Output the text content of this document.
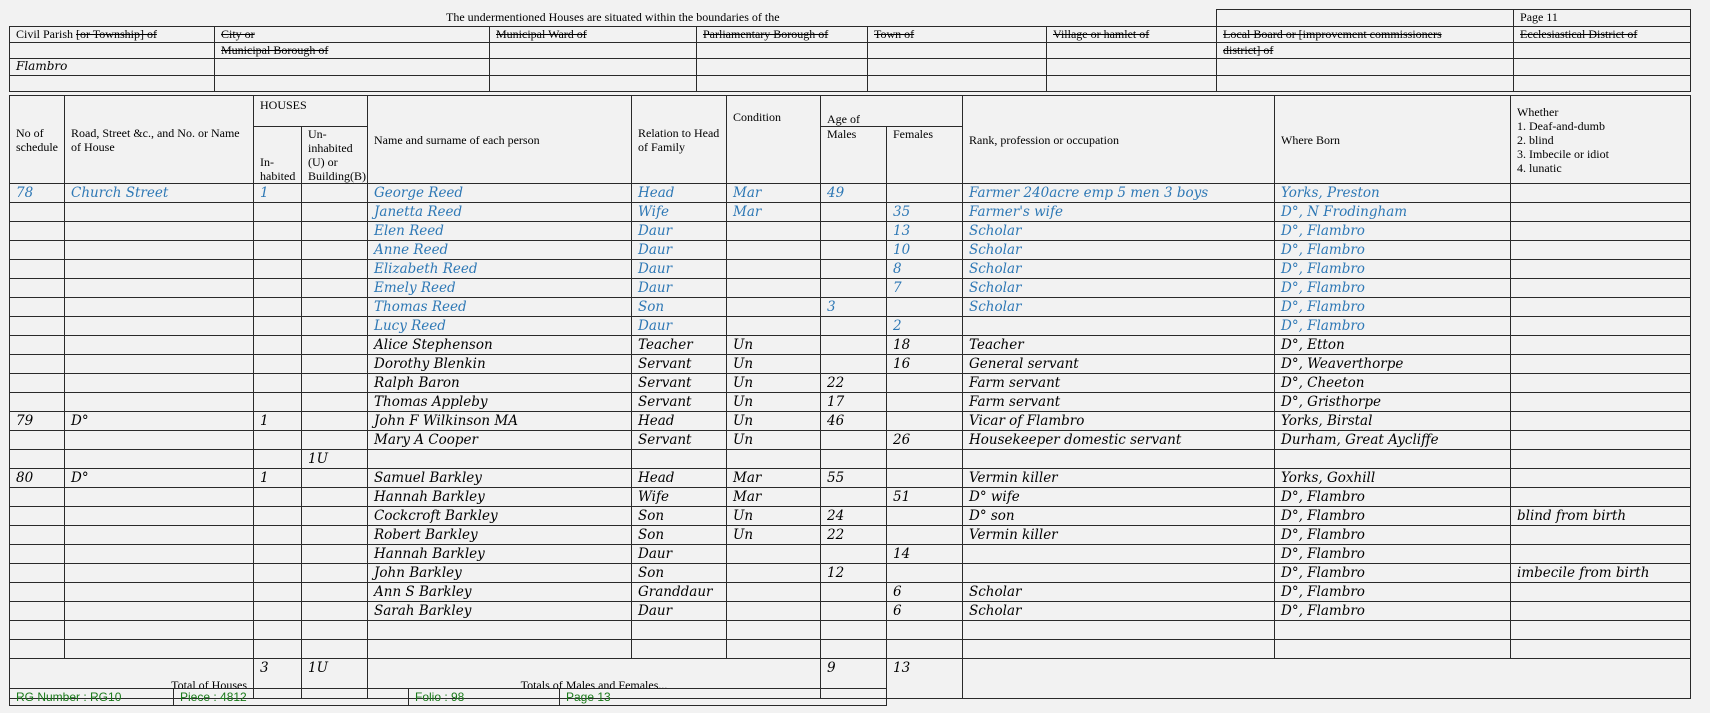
The undermentioned Houses are situated within the boundaries of the							Page 11
Civil Parish [or Township] of	City or	Municipal Ward of	Parliamentary Borough of	Town of	Village or hamlet of	Local Board or [improvement commissioners	Ecclesiastical District of
	Municipal Borough of					district] of	
Flambro							

No of schedule	Road, Street &c., and No. or Name of House	HOUSES		Name and surname of each person	Relation to Head of Family	Condition	Age of		Rank, profession or occupation	Where Born	Whether
1. Deaf-and-dumb
2. blind
3. Imbecile or idiot
4. lunatic

		In-habited	Un-inhabited (U) or Building(B)				Males	Females			
78	Church Street	1		George Reed	Head	Mar	49		Farmer 240acre emp 5 men 3 boys	Yorks, Preston	
				Janetta Reed	Wife	Mar		35	Farmer's wife	D°, N Frodingham	
				Elen Reed	Daur			13	Scholar	D°, Flambro	
				Anne Reed	Daur			10	Scholar	D°, Flambro	
				Elizabeth Reed	Daur			8	Scholar	D°, Flambro	
				Emely Reed	Daur			7	Scholar	D°, Flambro	
				Thomas Reed	Son		3		Scholar	D°, Flambro	
				Lucy Reed	Daur			2		D°, Flambro	
				Alice Stephenson	Teacher	Un		18	Teacher	D°, Etton	
				Dorothy Blenkin	Servant	Un		16	General servant	D°, Weaverthorpe	
				Ralph Baron	Servant	Un	22		Farm servant	D°, Cheeton	
				Thomas Appleby	Servant	Un	17		Farm servant	D°, Gristhorpe	
79	D°	1		John F Wilkinson MA	Head	Un	46		Vicar of Flambro	Yorks, Birstal	
				Mary A Cooper	Servant	Un		26	Housekeeper domestic servant	Durham, Great Aycliffe	
			1U								
80	D°	1		Samuel Barkley	Head	Mar	55		Vermin killer	Yorks, Goxhill	
				Hannah Barkley	Wife	Mar		51	D° wife	D°, Flambro	
				Cockcroft Barkley	Son	Un	24		D° son	D°, Flambro	blind from birth
				Robert Barkley	Son	Un	22		Vermin killer	D°, Flambro	
				Hannah Barkley	Daur			14		D°, Flambro	
				John Barkley	Son		12			D°, Flambro	imbecile from birth
				Ann S Barkley	Granddaur			6	Scholar	D°, Flambro	
				Sarah Barkley	Daur			6	Scholar	D°, Flambro	

Total of Houses		3	1U	Totals of Males and Females...			9	13			
RG Number : RG10	Piece : 4812	Folio : 98	Page 13
